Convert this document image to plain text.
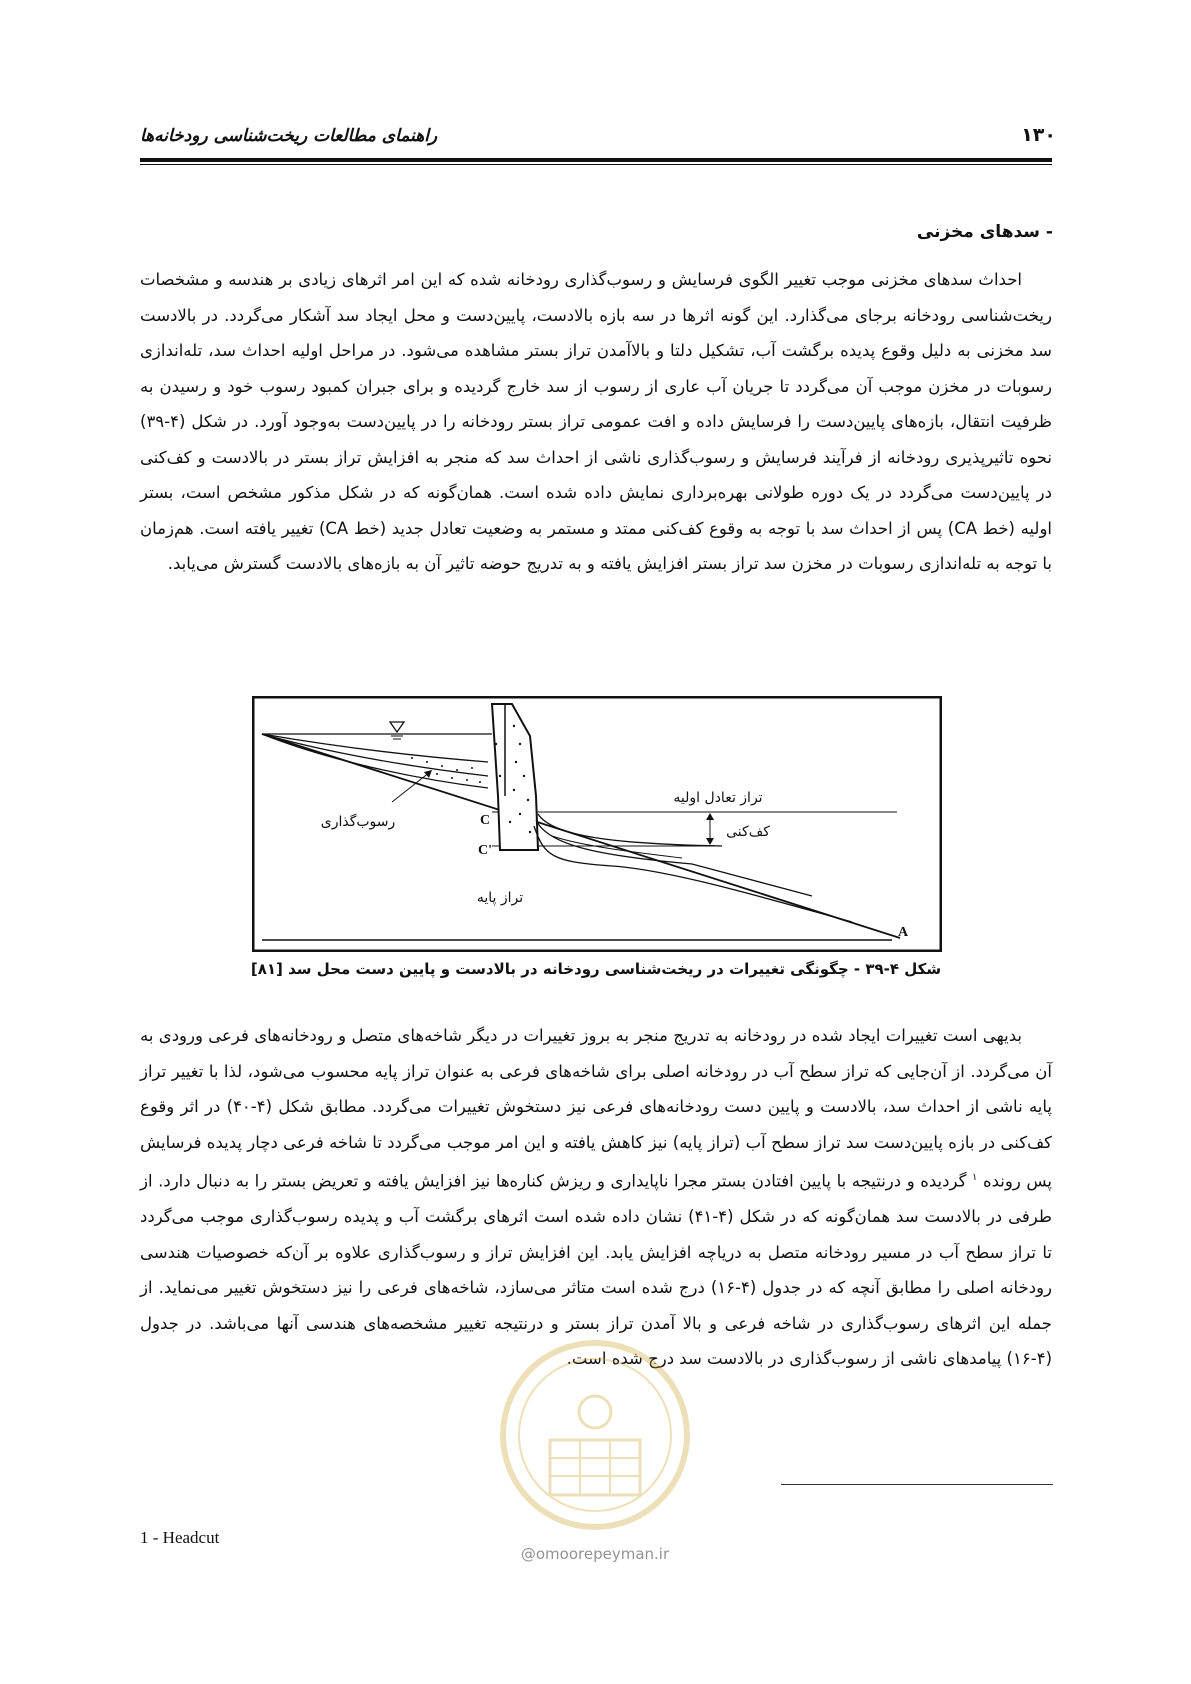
راهنمای مطالعات ریخت‌شناسی رودخانه‌ها	۱۳۰
- سدهای مخزنی

احداث سدهای مخزنی موجب تغییر الگوی فرسایش و رسوب‌گذاری رودخانه شده که این امر اثرهای زیادی بر هندسه و مشخصات ریخت‌شناسی رودخانه برجای می‌گذارد. این گونه اثرها در سه بازه بالادست، پایین‌دست و محل ایجاد سد آشکار می‌گردد. در بالادست سد مخزنی به دلیل وقوع پدیده برگشت آب، تشکیل دلتا و بالاآمدن تراز بستر مشاهده می‌شود. در مراحل اولیه احداث سد، تله‌اندازی رسوبات در مخزن موجب آن می‌گردد تا جریان آب عاری از رسوب از سد خارج گردیده و برای جبران کمبود رسوب خود و رسیدن به ظرفیت انتقال، بازه‌های پایین‌دست را فرسایش داده و افت عمومی تراز بستر رودخانه را در پایین‌دست به‌وجود آورد. در شکل (۴-۳۹) نحوه تاثیرپذیری رودخانه از فرآیند فرسایش و رسوب‌گذاری ناشی از احداث سد که منجر به افزایش تراز بستر در بالادست و کف‌کنی در پایین‌دست می‌گردد در یک دوره طولانی بهره‌برداری نمایش داده شده است. همان‌گونه که در شکل مذکور مشخص است، بستر اولیه (خط CA) پس از احداث سد با توجه به وقوع کف‌کنی ممتد و مستمر به وضعیت تعادل جدید (خط CA) تغییر یافته است. هم‌زمان با توجه به تله‌اندازی رسوبات در مخزن سد تراز بستر افزایش یافته و به تدریج حوضه تاثیر آن به بازه‌های بالادست گسترش می‌یابد.

تراز تعادل اولیه
کف‌کنی
رسوب‌گذاری
تراز پایه
C
C'
A
شکل ۴-۳۹ - چگونگی تغییرات در ریخت‌شناسی رودخانه در بالادست و پایین دست محل سد [۸۱]

بدیهی است تغییرات ایجاد شده در رودخانه به تدریج منجر به بروز تغییرات در دیگر شاخه‌های متصل و رودخانه‌های فرعی ورودی به آن می‌گردد. از آن‌جایی که تراز سطح آب در رودخانه اصلی برای شاخه‌های فرعی به عنوان تراز پایه محسوب می‌شود، لذا با تغییر تراز پایه ناشی از احداث سد، بالادست و پایین دست رودخانه‌های فرعی نیز دستخوش تغییرات می‌گردد. مطابق شکل (۴-۴۰) در اثر وقوع کف‌کنی در بازه پایین‌دست سد تراز سطح آب (تراز پایه) نیز کاهش یافته و این امر موجب می‌گردد تا شاخه فرعی دچار پدیده فرسایش پس رونده $^۱$ گردیده و درنتیجه با پایین افتادن بستر مجرا ناپایداری و ریزش کناره‌ها نیز افزایش یافته و تعریض بستر را به دنبال دارد. از طرفی در بالادست سد همان‌گونه که در شکل (۴-۴۱) نشان داده شده است اثرهای برگشت آب و پدیده رسوب‌گذاری موجب می‌گردد تا تراز سطح آب در مسیر رودخانه متصل به دریاچه افزایش یابد. این افزایش تراز و رسوب‌گذاری علاوه بر آن‌که خصوصیات هندسی رودخانه اصلی را مطابق آنچه که در جدول (۴-۱۶) درج شده است متاثر می‌سازد، شاخه‌های فرعی را نیز دستخوش تغییر می‌نماید. از جمله این اثرهای رسوب‌گذاری در شاخه فرعی و بالا آمدن تراز بستر و درنتیجه تغییر مشخصه‌های هندسی آنها می‌باشد. در جدول (۴-۱۶) پیامدهای ناشی از رسوب‌گذاری در بالادست سد درج شده است.

@omoorepeyman.ir
1 - Headcut
